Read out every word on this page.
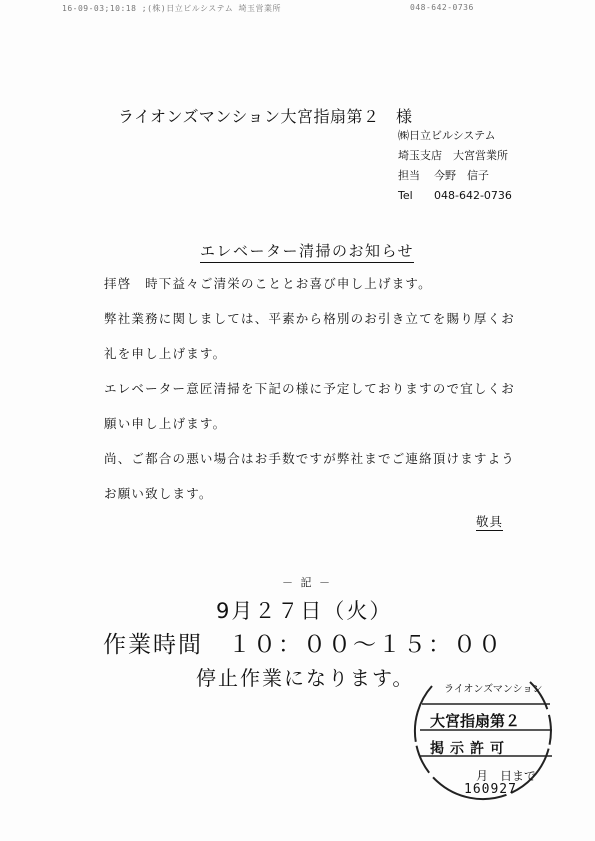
16-09-03;10:18 ;(株)日立ビルシステム 埼玉営業所	048-642-0736
ライオンズマンション大宮指扇第２　様
㈱日立ビルシステム
埼玉支店　大宮営業所
担当 今野　信子
Tel 048-642-0736
エレベーター清掃のお知らせ

拝啓　時下益々ご清栄のこととお喜び申し上げます。

弊社業務に関しましては、平素から格別のお引き立てを賜り厚くお

礼を申し上げます。

エレベーター意匠清掃を下記の様に予定しておりますので宜しくお

願い申し上げます。

尚、ご都合の悪い場合はお手数ですが弊社までご連絡頂けますよう

お願い致します。

敬具
－ 記 －
9月２７日（火）
作業時間　１０：００～１５：００
停止作業になります。	ライオンズマンション
大宮指扇第２
掲示許可
月　日まで
160927
